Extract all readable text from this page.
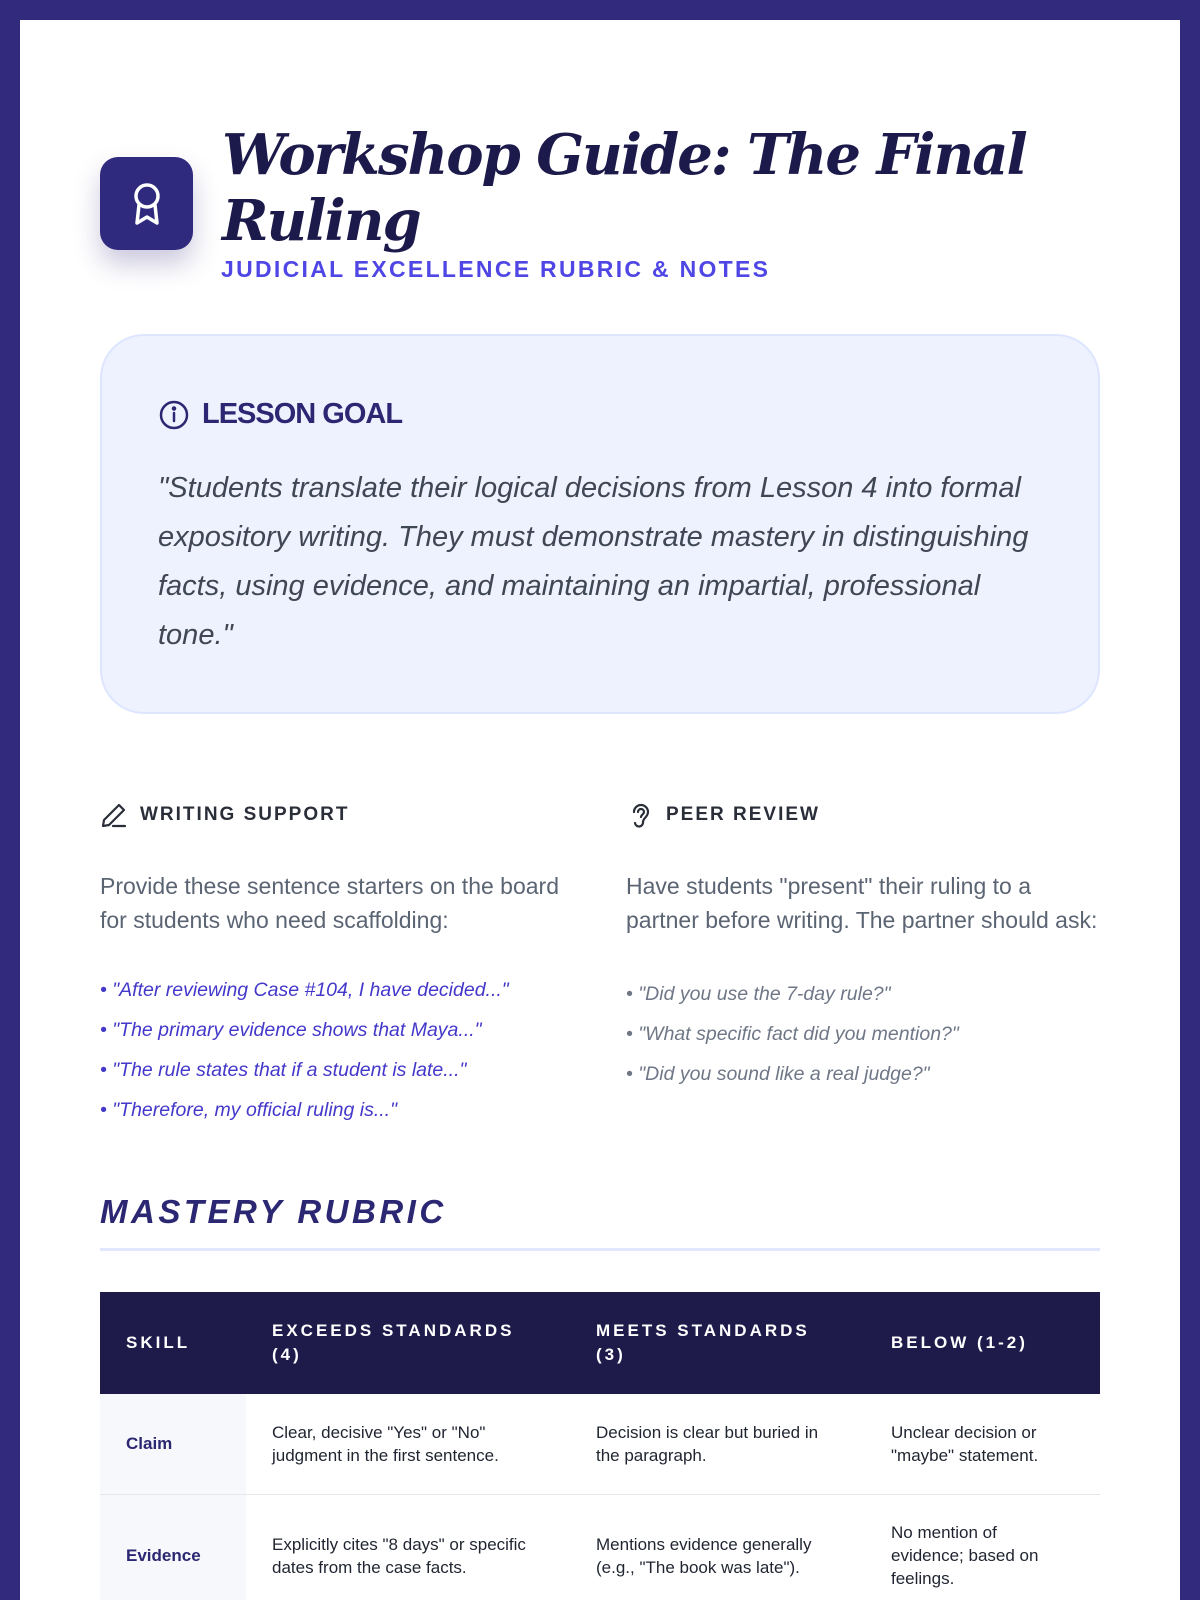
Workshop Guide: The Final Ruling
JUDICIAL EXCELLENCE RUBRIC & NOTES
LESSON GOAL
"Students translate their logical decisions from Lesson 4 into formal expository writing. They must demonstrate mastery in distinguishing facts, using evidence, and maintaining an impartial, professional tone."
WRITING SUPPORT
Provide these sentence starters on the board for students who need scaffolding:
• "After reviewing Case #104, I have decided..."
• "The primary evidence shows that Maya..."
• "The rule states that if a student is late..."
• "Therefore, my official ruling is..."
PEER REVIEW
Have students "present" their ruling to a partner before writing. The partner should ask:
• "Did you use the 7-day rule?"
• "What specific fact did you mention?"
• "Did you sound like a real judge?"
MASTERY RUBRIC
SKILL	EXCEEDS STANDARDS (4)	MEETS STANDARDS (3)	BELOW (1-2)
Claim	Clear, decisive "Yes" or "No" judgment in the first sentence.	Decision is clear but buried in the paragraph.	Unclear decision or "maybe" statement.
Evidence	Explicitly cites "8 days" or specific dates from the case facts.	Mentions evidence generally (e.g., "The book was late").	No mention of evidence; based on feelings.
